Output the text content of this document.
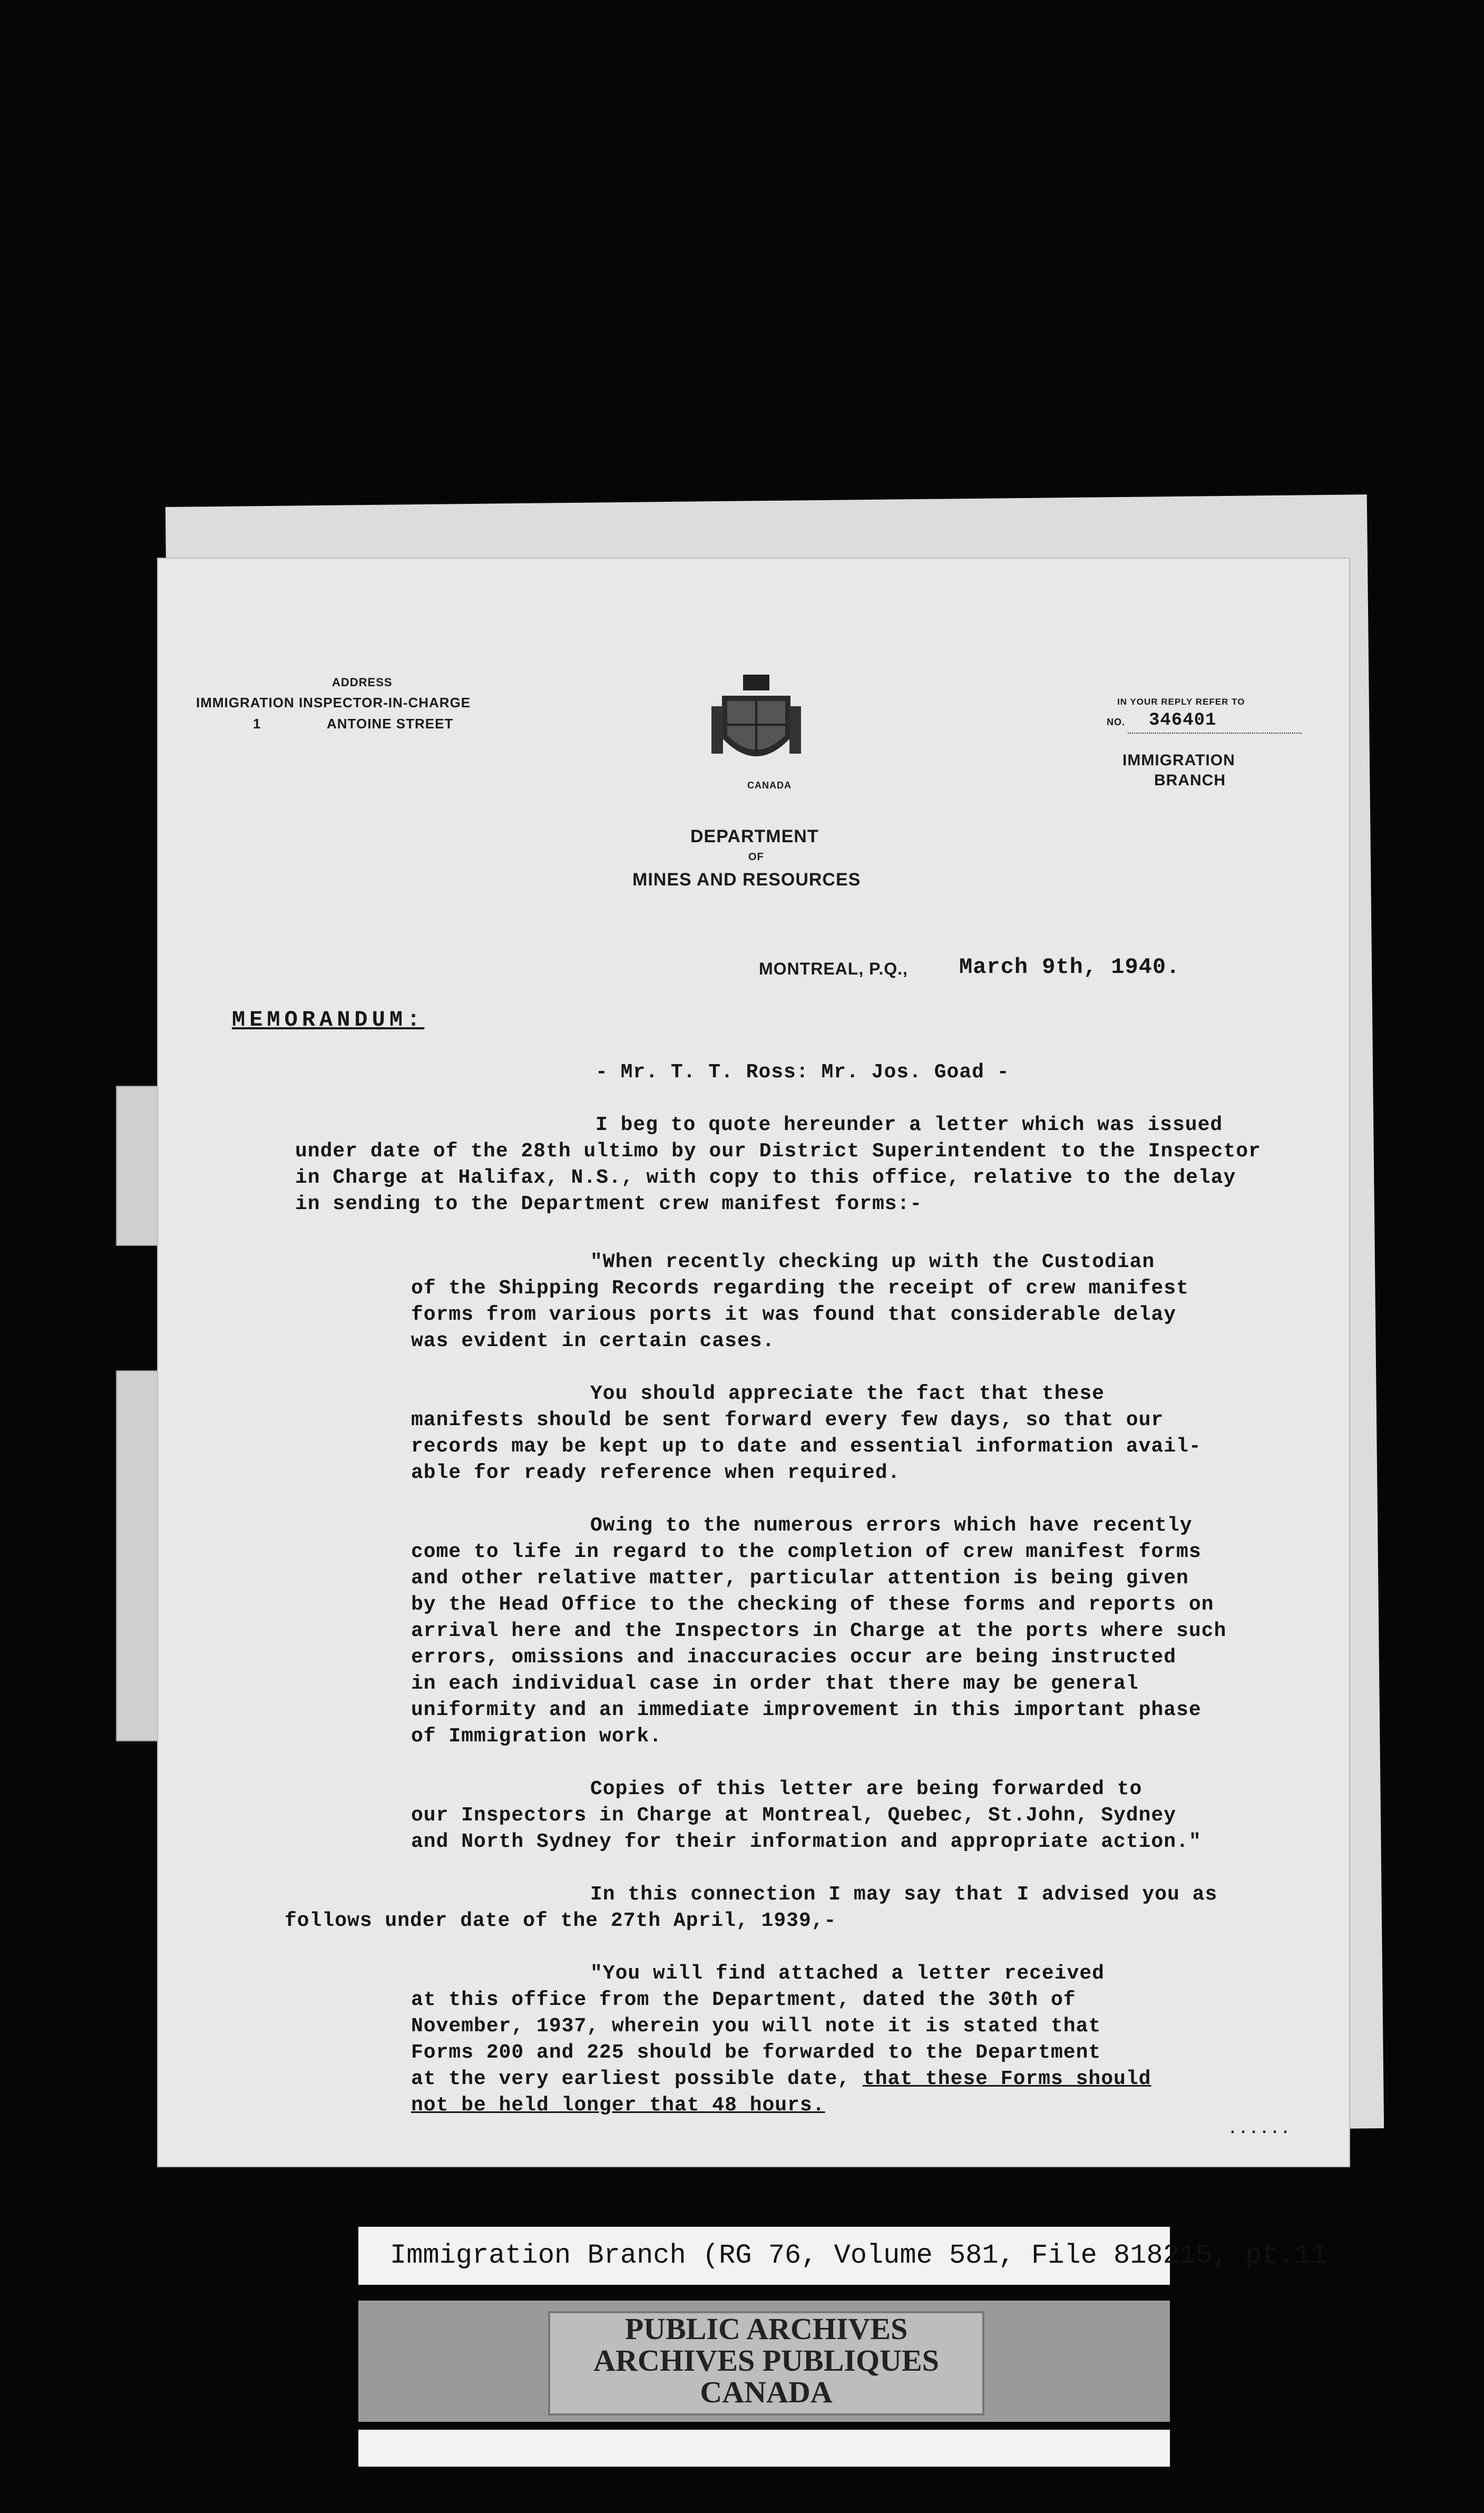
ADDRESS
IMMIGRATION INSPECTOR-IN-CHARGE
1	ANTOINE STREET
CANADA
DEPARTMENT
OF
MINES AND RESOURCES
IN YOUR REPLY REFER TO
NO. 346401
IMMIGRATION
BRANCH
MONTREAL, P.Q., March 9th, 1940.
MEMORANDUM:
- Mr. T. T. Ross: Mr. Jos. Goad -
I beg to quote hereunder a letter which was issued
under date of the 28th ultimo by our District Superintendent to the Inspector
in Charge at Halifax, N.S., with copy to this office, relative to the delay
in sending to the Department crew manifest forms:-
"When recently checking up with the Custodian
of the Shipping Records regarding the receipt of crew manifest
forms from various ports it was found that considerable delay
was evident in certain cases.
You should appreciate the fact that these
manifests should be sent forward every few days, so that our
records may be kept up to date and essential information avail-
able for ready reference when required.
Owing to the numerous errors which have recently
come to life in regard to the completion of crew manifest forms
and other relative matter, particular attention is being given
by the Head Office to the checking of these forms and reports on
arrival here and the Inspectors in Charge at the ports where such
errors, omissions and inaccuracies occur are being instructed
in each individual case in order that there may be general
uniformity and an immediate improvement in this important phase
of Immigration work.
Copies of this letter are being forwarded to
our Inspectors in Charge at Montreal, Quebec, St.John, Sydney
and North Sydney for their information and appropriate action."
In this connection I may say that I advised you as
follows under date of the 27th April, 1939,-
"You will find attached a letter received
at this office from the Department, dated the 30th of
November, 1937, wherein you will note it is stated that
Forms 200 and 225 should be forwarded to the Department
at the very earliest possible date, that these Forms should
not be held longer that 48 hours.
......
Immigration Branch (RG 76, Volume 581, File 818215, pt.11
PUBLIC ARCHIVES
ARCHIVES PUBLIQUES
CANADA
